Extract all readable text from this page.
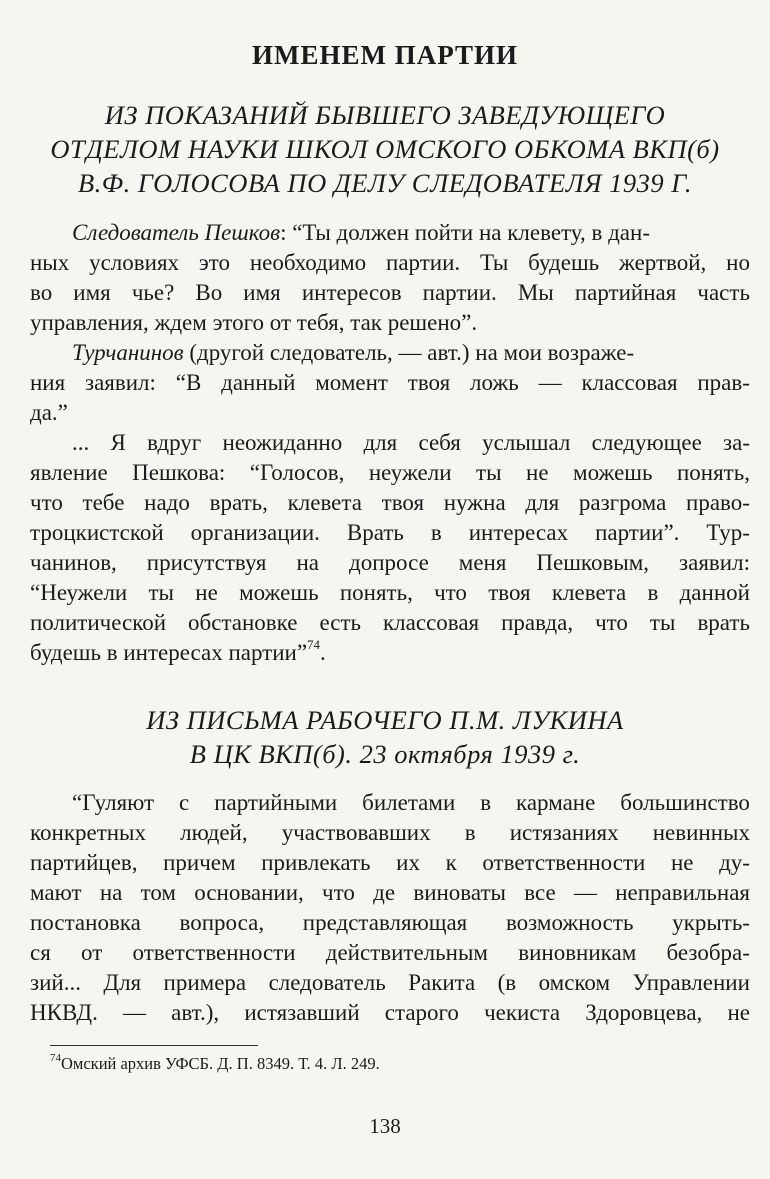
ИМЕНЕМ ПАРТИИ
ИЗ ПОКАЗАНИЙ БЫВШЕГО ЗАВЕДУЮЩЕГО
ОТДЕЛОМ НАУКИ ШКОЛ ОМСКОГО ОБКОМА ВКП(б)
В.Ф. ГОЛОСОВА ПО ДЕЛУ СЛЕДОВАТЕЛЯ 1939 Г.
Следователь Пешков: “Ты должен пойти на клевету, в дан-
ных условиях это необходимо партии. Ты будешь жертвой, но
во имя чье? Во имя интересов партии. Мы партийная часть
управления, ждем этого от тебя, так решено”.
Турчанинов (другой следователь, — авт.) на мои возраже-
ния заявил: “В данный момент твоя ложь — классовая прав-
да.”
... Я вдруг неожиданно для себя услышал следующее за-
явление Пешкова: “Голосов, неужели ты не можешь понять,
что тебе надо врать, клевета твоя нужна для разгрома право-
троцкистской организации. Врать в интересах партии”. Тур-
чанинов, присутствуя на допросе меня Пешковым, заявил:
“Неужели ты не можешь понять, что твоя клевета в данной
политической обстановке есть классовая правда, что ты врать
будешь в интересах партии”$^{74}$.
ИЗ ПИСЬМА РАБОЧЕГО П.М. ЛУКИНА
В ЦК ВКП(б). 23 октября 1939 г.
“Гуляют с партийными билетами в кармане большинство
конкретных людей, участвовавших в истязаниях невинных
партийцев, причем привлекать их к ответственности не ду-
мают на том основании, что де виноваты все — неправильная
постановка вопроса, представляющая возможность укрыть-
ся от ответственности действительным виновникам безобра-
зий... Для примера следователь Ракита (в омском Управлении
НКВД. — авт.), истязавший старого чекиста Здоровцева, не
$^{74}$Омский архив УФСБ. Д. П. 8349. Т. 4. Л. 249.
138
